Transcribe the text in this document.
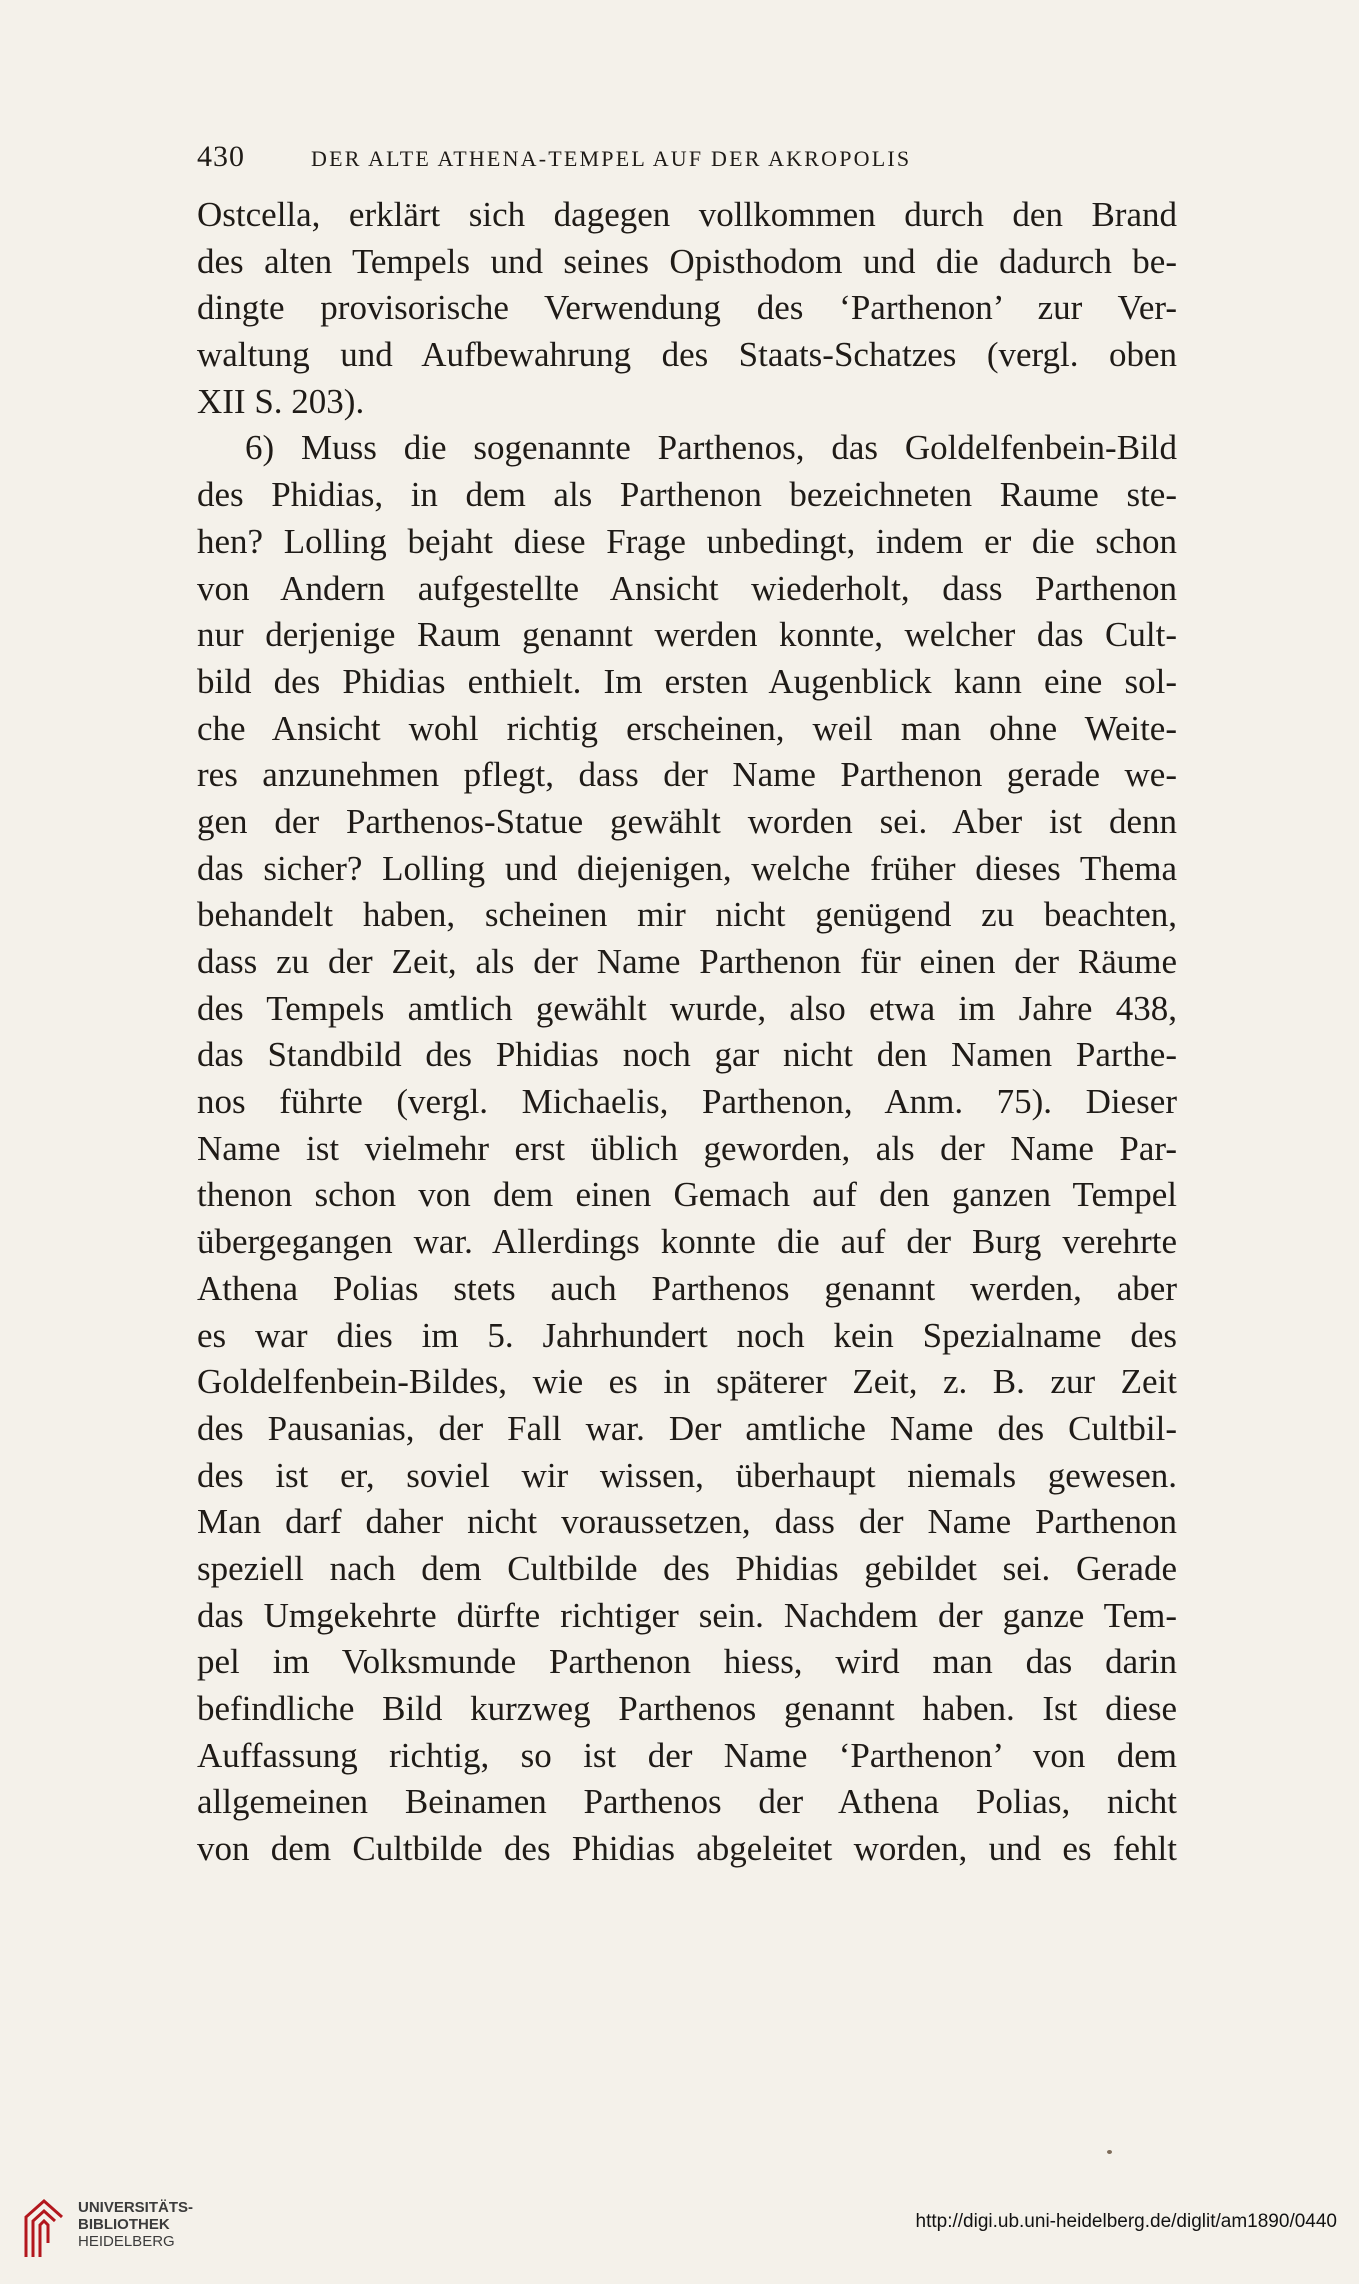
430	DER ALTE ATHENA-TEMPEL AUF DER AKROPOLIS
Ostcella, erklärt sich dagegen vollkommen durch den Brand
des alten Tempels und seines Opisthodom und die dadurch be-
dingte provisorische Verwendung des ‘Parthenon’ zur Ver-
waltung und Aufbewahrung des Staats-Schatzes (vergl. oben
XII S. 203).
6) Muss die sogenannte Parthenos, das Goldelfenbein-Bild
des Phidias, in dem als Parthenon bezeichneten Raume ste-
hen? Lolling bejaht diese Frage unbedingt, indem er die schon
von Andern aufgestellte Ansicht wiederholt, dass Parthenon
nur derjenige Raum genannt werden konnte, welcher das Cult-
bild des Phidias enthielt. Im ersten Augenblick kann eine sol-
che Ansicht wohl richtig erscheinen, weil man ohne Weite-
res anzunehmen pflegt, dass der Name Parthenon gerade we-
gen der Parthenos-Statue gewählt worden sei. Aber ist denn
das sicher? Lolling und diejenigen, welche früher dieses Thema
behandelt haben, scheinen mir nicht genügend zu beachten,
dass zu der Zeit, als der Name Parthenon für einen der Räume
des Tempels amtlich gewählt wurde, also etwa im Jahre 438,
das Standbild des Phidias noch gar nicht den Namen Parthe-
nos führte (vergl. Michaelis, Parthenon, Anm. 75). Dieser
Name ist vielmehr erst üblich geworden, als der Name Par-
thenon schon von dem einen Gemach auf den ganzen Tempel
übergegangen war. Allerdings konnte die auf der Burg verehrte
Athena Polias stets auch Parthenos genannt werden, aber
es war dies im 5. Jahrhundert noch kein Spezialname des
Goldelfenbein-Bildes, wie es in späterer Zeit, z. B. zur Zeit
des Pausanias, der Fall war. Der amtliche Name des Cultbil-
des ist er, soviel wir wissen, überhaupt niemals gewesen.
Man darf daher nicht voraussetzen, dass der Name Parthenon
speziell nach dem Cultbilde des Phidias gebildet sei. Gerade
das Umgekehrte dürfte richtiger sein. Nachdem der ganze Tem-
pel im Volksmunde Parthenon hiess, wird man das darin
befindliche Bild kurzweg Parthenos genannt haben. Ist diese
Auffassung richtig, so ist der Name ‘Parthenon’ von dem
allgemeinen Beinamen Parthenos der Athena Polias, nicht
von dem Cultbilde des Phidias abgeleitet worden, und es fehlt
UNIVERSITÄTS-
BIBLIOTHEK
HEIDELBERG
http://digi.ub.uni-heidelberg.de/diglit/am1890/0440
